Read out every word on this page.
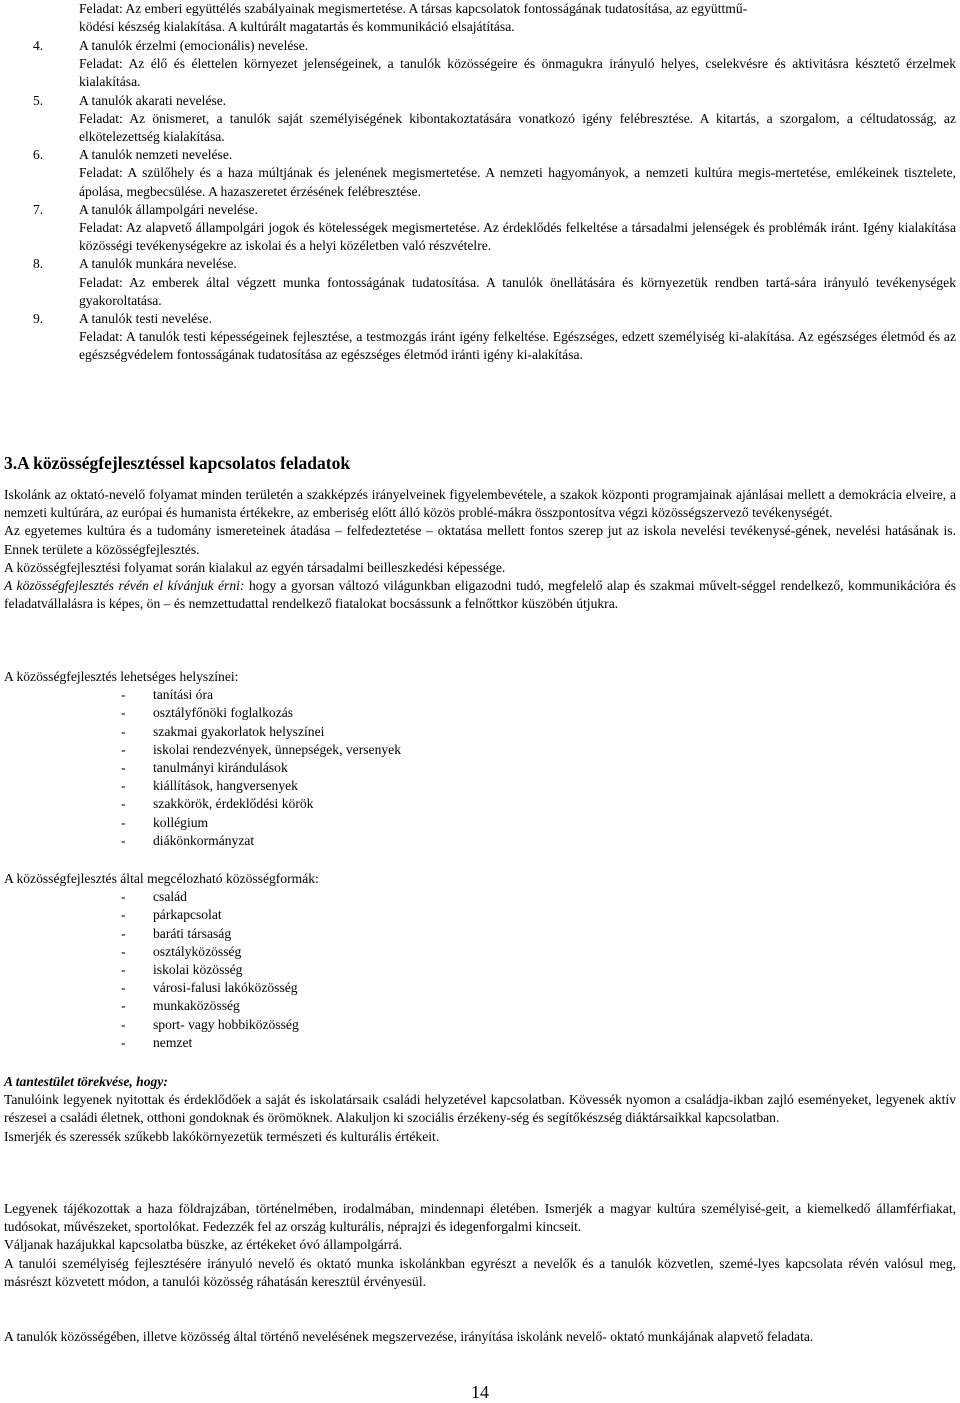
Feladat: Az emberi együttélés szabályainak megismertetése. A társas kapcsolatok fontosságának tudatosítása, az együttmű-
ködési készség kialakítása. A kultúrált magatartás és kommunikáció elsajátítása.
4.	A tanulók érzelmi (emocionális) nevelése.
Feladat: Az élő és élettelen környezet jelenségeinek, a tanulók közösségeire és önmagukra irányuló helyes, cselekvésre és aktivitásra késztető érzelmek kialakítása.
5.	A tanulók akarati nevelése.
Feladat: Az önismeret, a tanulók saját személyiségének kibontakoztatására vonatkozó igény felébresztése. A kitartás, a szorgalom, a céltudatosság, az elkötelezettség kialakítása.
6.	A tanulók nemzeti nevelése.
Feladat: A szülőhely és a haza múltjának és jelenének megismertetése. A nemzeti hagyományok, a nemzeti kultúra megis-mertetése, emlékeinek tisztelete, ápolása, megbecsülése. A hazaszeretet érzésének felébresztése.
7.	A tanulók állampolgári nevelése.
Feladat: Az alapvető állampolgári jogok és kötelességek megismertetése. Az érdeklődés felkeltése a társadalmi jelenségek és problémák iránt. Igény kialakítása közösségi tevékenységekre az iskolai és a helyi közéletben való részvételre.
8.	A tanulók munkára nevelése.
Feladat: Az emberek által végzett munka fontosságának tudatosítása. A tanulók önellátására és környezetük rendben tartá-sára irányuló tevékenységek gyakoroltatása.
9.	A tanulók testi nevelése.
Feladat: A tanulók testi képességeinek fejlesztése, a testmozgás iránt igény felkeltése. Egészséges, edzett személyiség ki-alakítása. Az egészséges életmód és az egészségvédelem fontosságának tudatosítása az egészséges életmód iránti igény ki-alakítása.
3.A közösségfejlesztéssel kapcsolatos feladatok

Iskolánk az oktató-nevelő folyamat minden területén a szakképzés irányelveinek figyelembevétele, a szakok központi programjainak ajánlásai mellett a demokrácia elveire, a nemzeti kultúrára, az európai és humanista értékekre, az emberiség előtt álló közös problé-mákra összpontosítva végzi közösségszervező tevékenységét.

Az egyetemes kultúra és a tudomány ismereteinek átadása – felfedeztetése – oktatása mellett fontos szerep jut az iskola nevelési tevékenysé-gének, nevelési hatásának is. Ennek területe a közösségfejlesztés.

A közösségfejlesztési folyamat során kialakul az egyén társadalmi beilleszkedési képessége.

A közösségfejlesztés révén el kívánjuk érni: hogy a gyorsan változó világunkban eligazodni tudó, megfelelő alap és szakmai művelt-séggel rendelkező, kommunikációra és feladatvállalásra is képes, ön – és nemzettudattal rendelkező fiatalokat bocsássunk a felnőttkor küszöbén útjukra.

A közösségfejlesztés lehetséges helyszínei:

-	tanítási óra
-	osztályfőnöki foglalkozás
-	szakmai gyakorlatok helyszínei
-	iskolai rendezvények, ünnepségek, versenyek
-	tanulmányi kirándulások
-	kiállítások, hangversenyek
-	szakkörök, érdeklődési körök
-	kollégium
-	diákönkormányzat

A közösségfejlesztés által megcélozható közösségformák:

-	család
-	párkapcsolat
-	baráti társaság
-	osztályközösség
-	iskolai közösség
-	városi-falusi lakóközösség
-	munkaközösség
-	sport- vagy hobbiközösség
-	nemzet

A tantestület törekvése, hogy:

Tanulóink legyenek nyitottak és érdeklődőek a saját és iskolatársaik családi helyzetével kapcsolatban. Kövessék nyomon a családja-ikban zajló eseményeket, legyenek aktív részesei a családi életnek, otthoni gondoknak és örömöknek. Alakuljon ki szociális érzékeny-ség és segítőkészség diáktársaikkal kapcsolatban.

Ismerjék és szeressék szűkebb lakókörnyezetük természeti és kulturális értékeit.

Legyenek tájékozottak a haza földrajzában, történelmében, irodalmában, mindennapi életében. Ismerjék a magyar kultúra személyisé-geit, a kiemelkedő államférfiakat, tudósokat, művészeket, sportolókat. Fedezzék fel az ország kulturális, néprajzi és idegenforgalmi kincseit.

Váljanak hazájukkal kapcsolatba büszke, az értékeket óvó állampolgárrá.

A tanulói személyiség fejlesztésére irányuló nevelő és oktató munka iskolánkban egyrészt a nevelők és a tanulók közvetlen, szemé-lyes kapcsolata révén valósul meg, másrészt közvetett módon, a tanulói közösség ráhatásán keresztül érvényesül.

A tanulók közösségében, illetve közösség által történő nevelésének megszervezése, irányítása iskolánk nevelő- oktató munkájának alapvető feladata.

14
